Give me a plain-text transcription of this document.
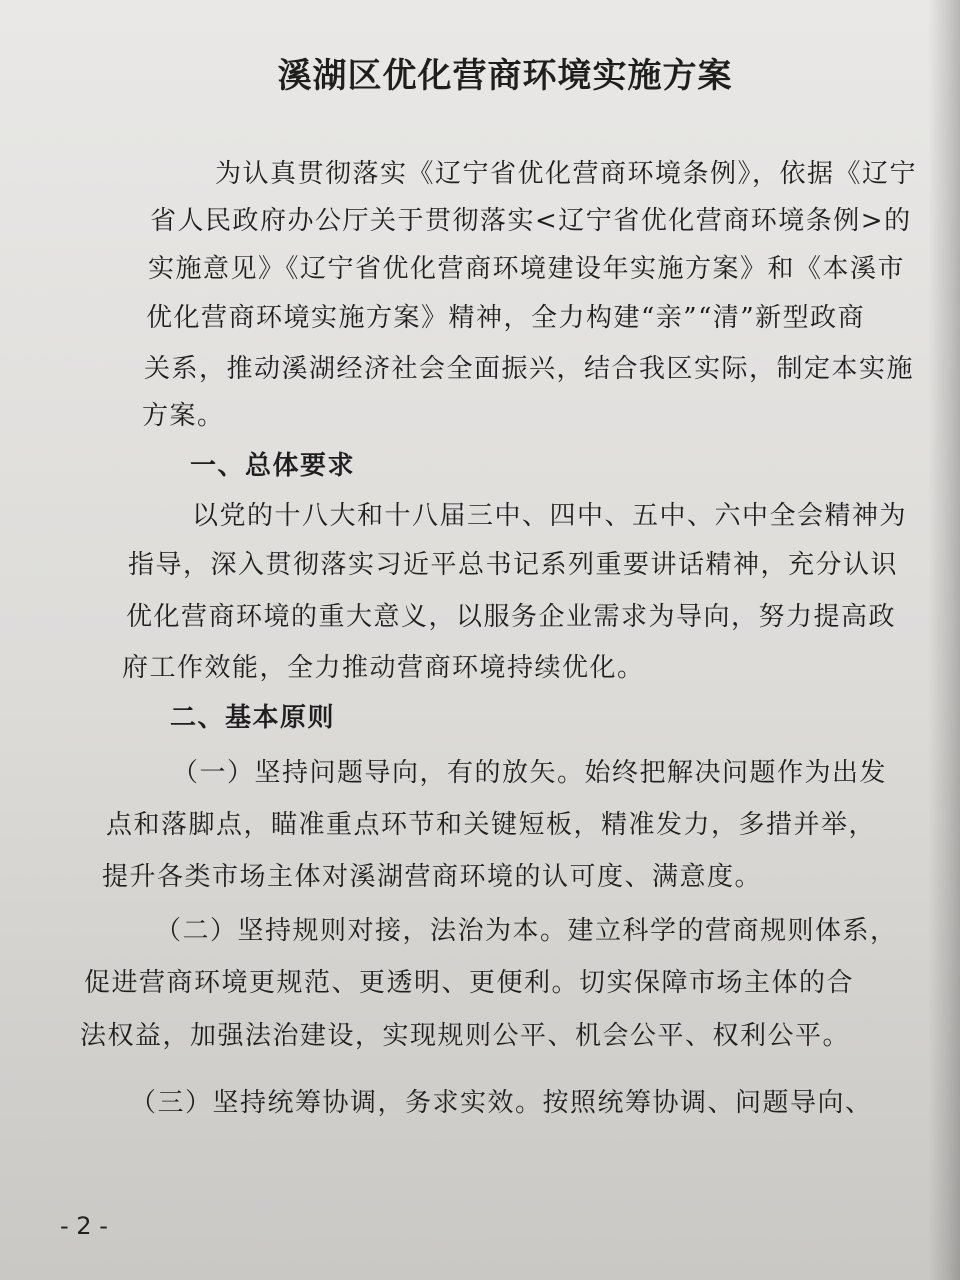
溪湖区优化营商环境实施方案
为认真贯彻落实《辽宁省优化营商环境条例》，依据《辽宁
省人民政府办公厅关于贯彻落实<辽宁省优化营商环境条例>的
实施意见》《辽宁省优化营商环境建设年实施方案》和《本溪市
优化营商环境实施方案》精神，全力构建“亲”“清”新型政商
关系，推动溪湖经济社会全面振兴，结合我区实际，制定本实施
方案。
一、总体要求
以党的十八大和十八届三中、四中、五中、六中全会精神为
指导，深入贯彻落实习近平总书记系列重要讲话精神，充分认识
优化营商环境的重大意义，以服务企业需求为导向，努力提高政
府工作效能，全力推动营商环境持续优化。
二、基本原则
（一）坚持问题导向，有的放矢。始终把解决问题作为出发
点和落脚点，瞄准重点环节和关键短板，精准发力，多措并举，
提升各类市场主体对溪湖营商环境的认可度、满意度。
（二）坚持规则对接，法治为本。建立科学的营商规则体系，
促进营商环境更规范、更透明、更便利。切实保障市场主体的合
法权益，加强法治建设，实现规则公平、机会公平、权利公平。
（三）坚持统筹协调，务求实效。按照统筹协调、问题导向、
- 2 -
